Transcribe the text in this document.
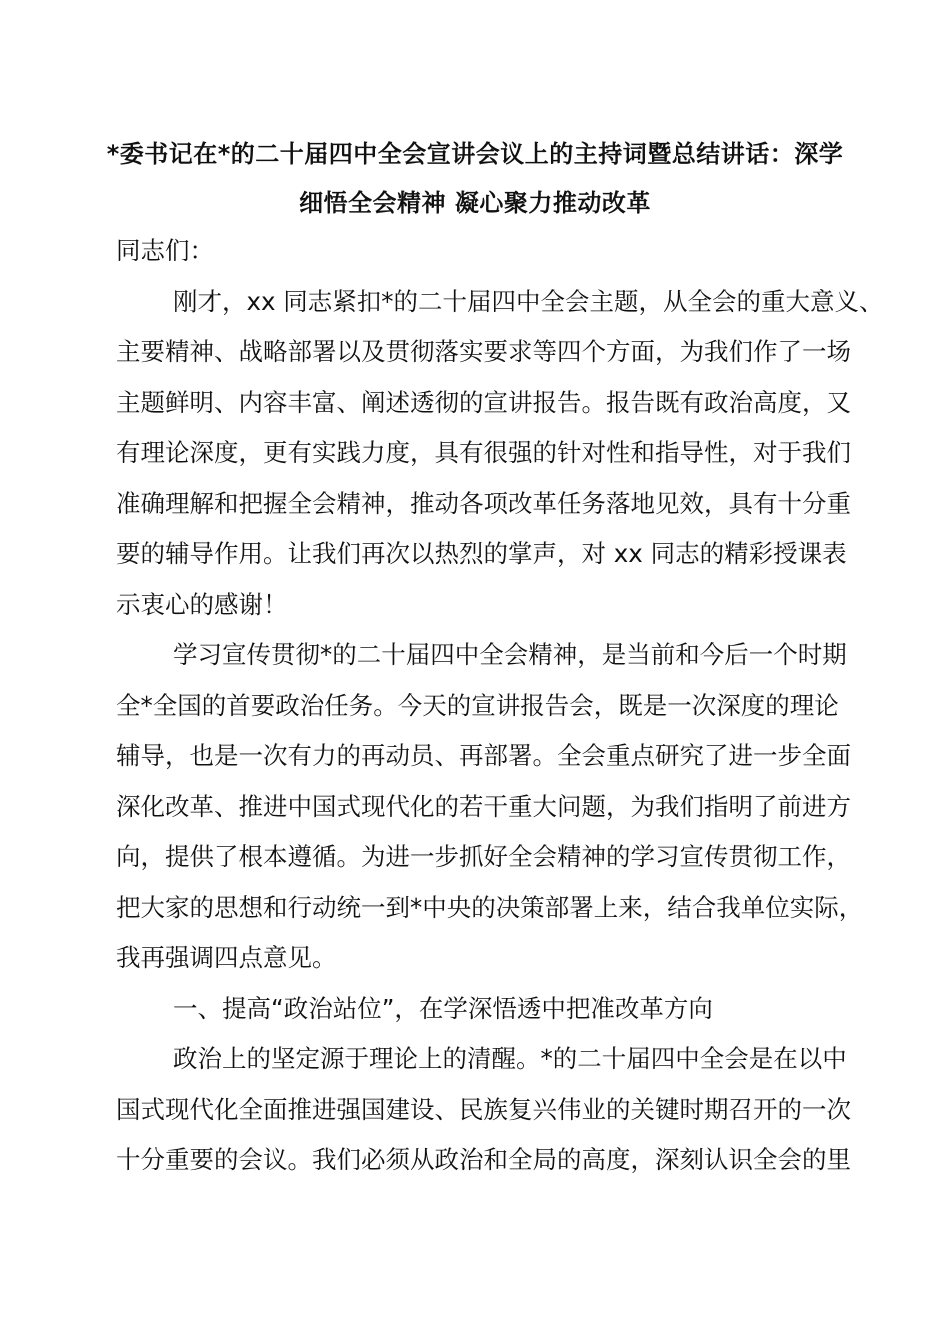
*委书记在*的二十届四中全会宣讲会议上的主持词暨总结讲话：深学
细悟全会精神 凝心聚力推动改革
同志们：
刚才，xx 同志紧扣*的二十届四中全会主题，从全会的重大意义、
主要精神、战略部署以及贯彻落实要求等四个方面，为我们作了一场
主题鲜明、内容丰富、阐述透彻的宣讲报告。报告既有政治高度，又
有理论深度，更有实践力度，具有很强的针对性和指导性，对于我们
准确理解和把握全会精神，推动各项改革任务落地见效，具有十分重
要的辅导作用。让我们再次以热烈的掌声，对 xx 同志的精彩授课表
示衷心的感谢！
学习宣传贯彻*的二十届四中全会精神，是当前和今后一个时期
全*全国的首要政治任务。今天的宣讲报告会，既是一次深度的理论
辅导，也是一次有力的再动员、再部署。全会重点研究了进一步全面
深化改革、推进中国式现代化的若干重大问题，为我们指明了前进方
向，提供了根本遵循。为进一步抓好全会精神的学习宣传贯彻工作，
把大家的思想和行动统一到*中央的决策部署上来，结合我单位实际，
我再强调四点意见。
一、提高“政治站位”，在学深悟透中把准改革方向
政治上的坚定源于理论上的清醒。*的二十届四中全会是在以中
国式现代化全面推进强国建设、民族复兴伟业的关键时期召开的一次
十分重要的会议。我们必须从政治和全局的高度，深刻认识全会的里
